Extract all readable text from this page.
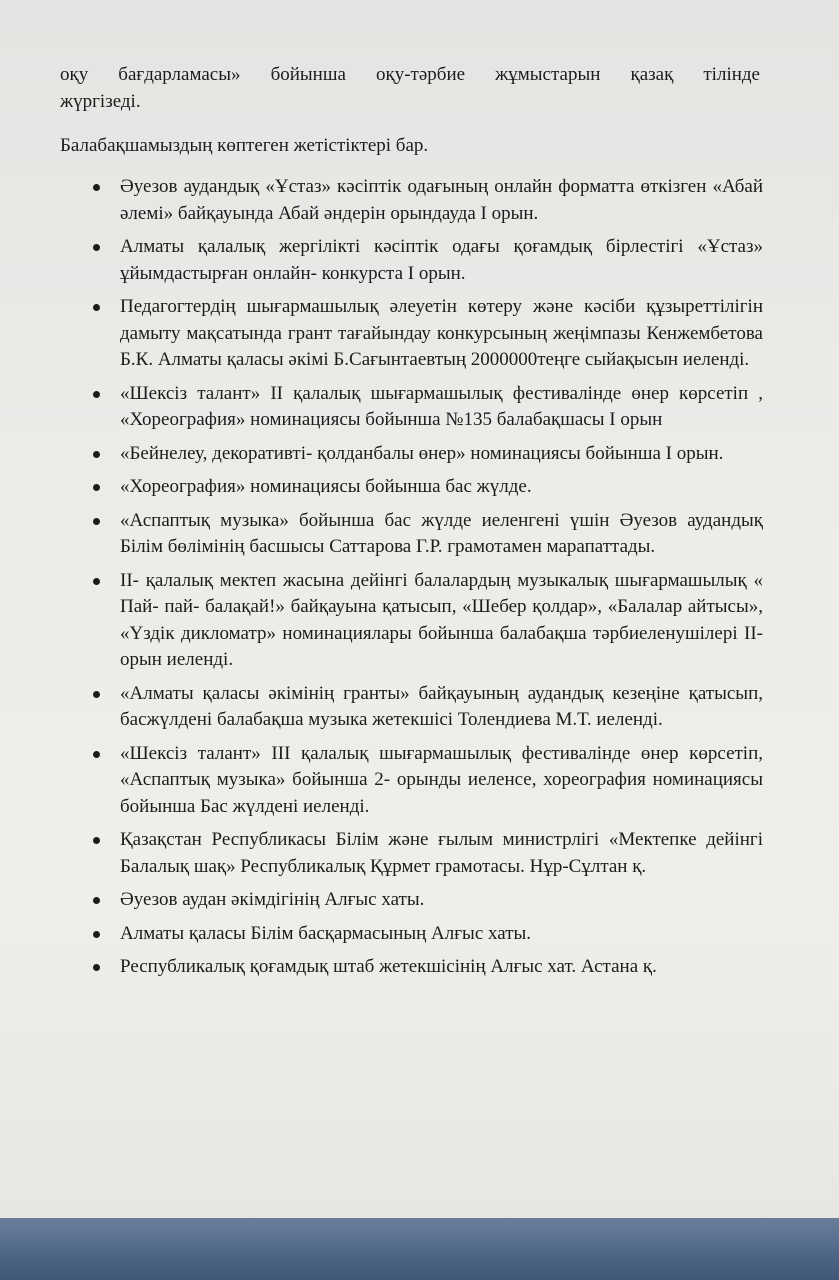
оқу бағдарламасы» бойынша оқу-тәрбие жұмыстарын қазақ тілінде

жүргізеді.

Балабақшамыздың көптеген жетістіктері бар.

Әуезов аудандық «Ұстаз» кәсіптік одағының онлайн форматта өткізген «Абай әлемі» байқауында Абай әндерін орындауда I орын.
Алматы қалалық жергілікті кәсіптік одағы қоғамдық бірлестігі «Ұстаз» ұйымдастырған онлайн- конкурста I орын.
Педагогтердің шығармашылық әлеуетін көтеру және кәсіби құзыреттілігін дамыту мақсатында грант тағайындау конкурсының жеңімпазы Кенжембетова Б.К. Алматы қаласы әкімі Б.Сағынтаевтың 2000000теңге сыйақысын иеленді.
«Шексіз талант» II қалалық шығармашылық фестивалінде өнер көрсетіп , «Хореография» номинациясы бойынша №135 балабақшасы I орын
«Бейнелеу, декоративті- қолданбалы өнер» номинациясы бойынша I орын.
«Хореография» номинациясы бойынша бас жүлде.
«Аспаптық музыка» бойынша бас жүлде иеленгені үшін Әуезов аудандық Білім бөлімінің басшысы Саттарова Г.Р. грамотамен марапаттады.
II- қалалық мектеп жасына дейінгі балалардың музыкалық шығармашылық « Пай- пай- балақай!» байқауына қатысып, «Шебер қолдар», «Балалар айтысы», «Үздік дикломатр» номинациялары бойынша балабақша тәрбиеленушілері II- орын иеленді.
«Алматы қаласы әкімінің гранты» байқауының аудандық кезеңіне қатысып, басжүлдені балабақша музыка жетекшісі Толендиева М.Т. иеленді.
«Шексіз талант» III қалалық шығармашылық фестивалінде өнер көрсетіп, «Аспаптық музыка» бойынша 2- орынды иеленсе, хореография номинациясы бойынша Бас жүлдені иеленді.
Қазақстан Республикасы Білім және ғылым министрлігі «Мектепке дейінгі Балалық шақ» Республикалық Құрмет грамотасы. Нұр-Сұлтан қ.
Әуезов аудан әкімдігінің Алғыс хаты.
Алматы қаласы Білім басқармасының Алғыс хаты.
Республикалық қоғамдық штаб жетекшісінің Алғыс хат. Астана қ.
